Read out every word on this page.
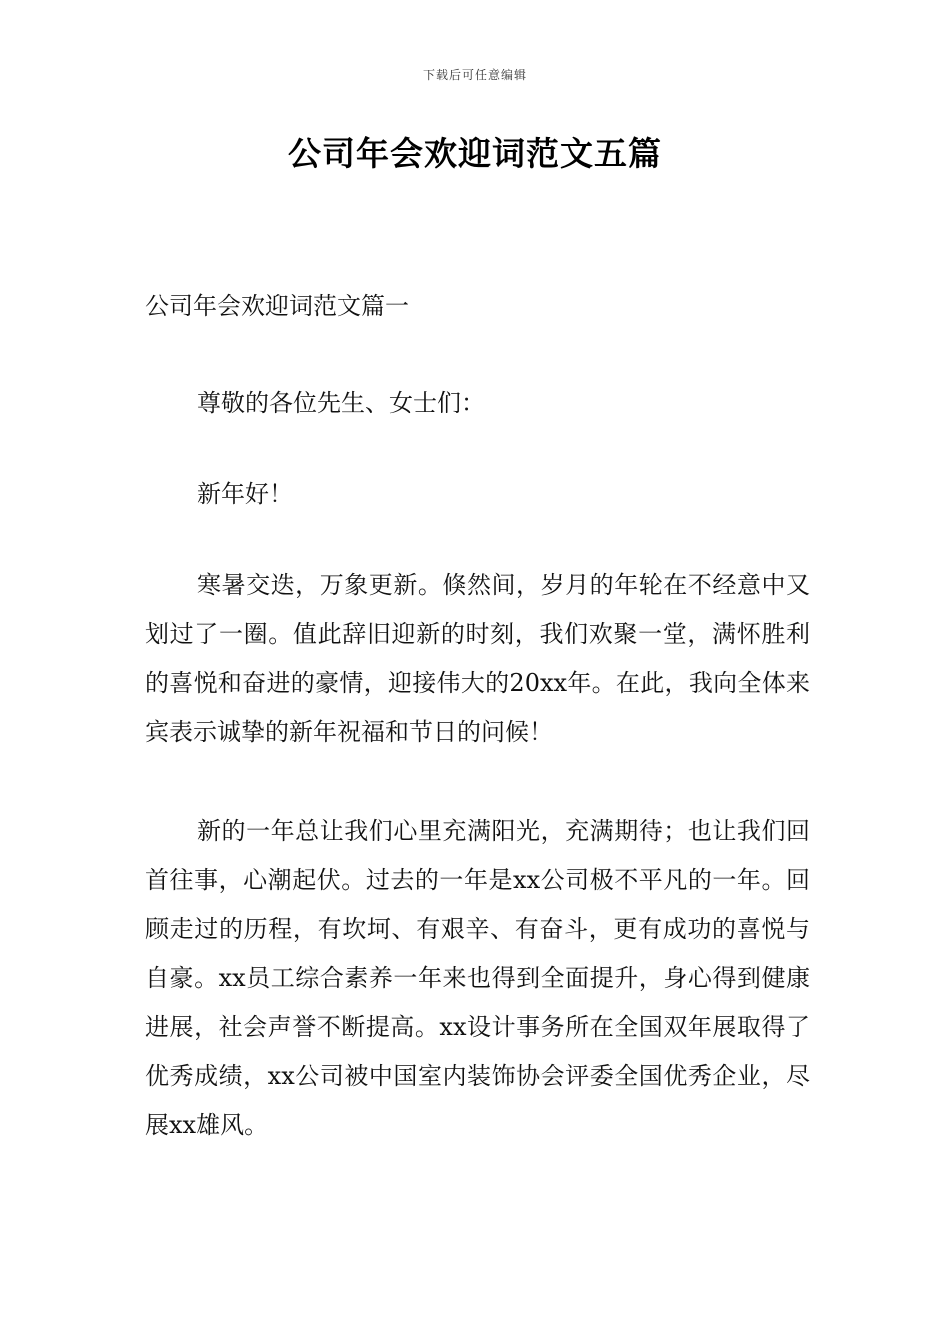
下载后可任意编辑
公司年会欢迎词范文五篇

公司年会欢迎词范文篇一

尊敬的各位先生、女士们：

新年好！

寒暑交迭，万象更新。倏然间，岁月的年轮在不经意中又划过了一圈。值此辞旧迎新的时刻，我们欢聚一堂，满怀胜利的喜悦和奋进的豪情，迎接伟大的20xx年。在此，我向全体来宾表示诚挚的新年祝福和节日的问候！

新的一年总让我们心里充满阳光，充满期待；也让我们回首往事，心潮起伏。过去的一年是xx公司极不平凡的一年。回顾走过的历程，有坎坷、有艰辛、有奋斗，更有成功的喜悦与自豪。xx员工综合素养一年来也得到全面提升，身心得到健康进展，社会声誉不断提高。xx设计事务所在全国双年展取得了优秀成绩，xx公司被中国室内装饰协会评委全国优秀企业，尽展xx雄风。
